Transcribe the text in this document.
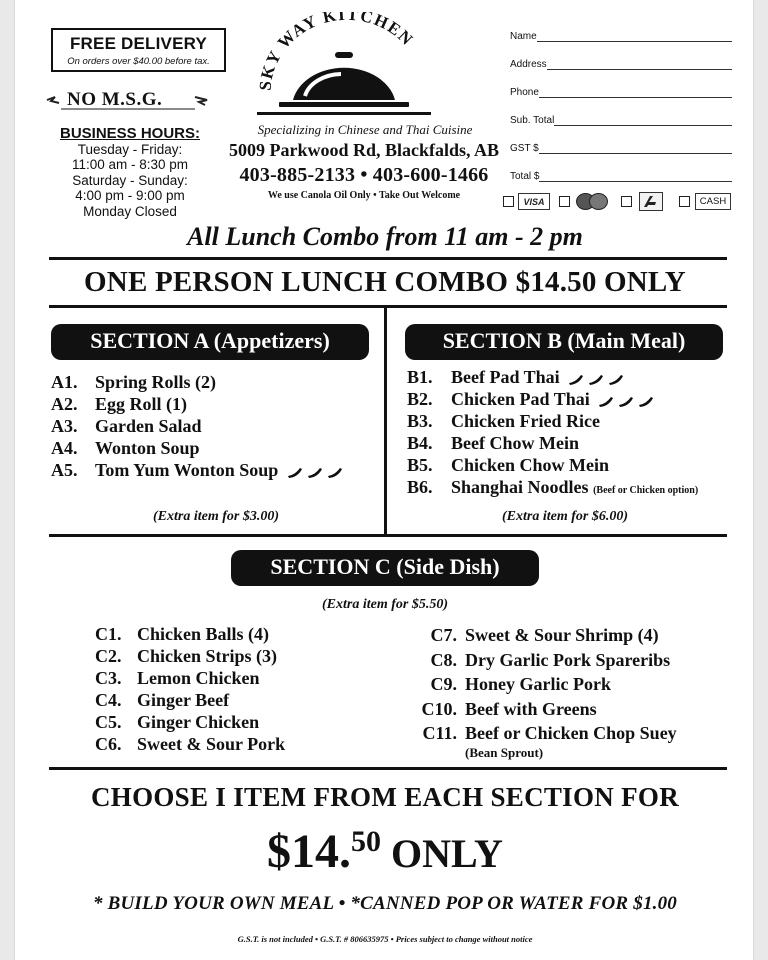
FREE DELIVERY
On orders over $40.00 before tax.
NO M.S.G.
BUSINESS HOURS:
Tuesday - Friday:
11:00 am - 8:30 pm
Saturday - Sunday:
4:00 pm - 9:00 pm
Monday Closed
SKY WAY KITCHEN
Specializing in Chinese and Thai Cuisine
5009 Parkwood Rd, Blackfalds, AB
403-885-2133 • 403-600-1466
We use Canola Oil Only • Take Out Welcome
Name
Address
Phone
Sub. Total
GST $
Total $
VISA	CASH
All Lunch Combo from 11 am - 2 pm
ONE PERSON LUNCH COMBO $14.50 ONLY
SECTION A (Appetizers)
A1. Spring Rolls (2)
A2. Egg Roll (1)
A3. Garden Salad
A4. Wonton Soup
A5. Tom Yum Wonton Soup
(Extra item for $3.00)
SECTION B (Main Meal)
B1. Beef Pad Thai
B2. Chicken Pad Thai
B3. Chicken Fried Rice
B4. Beef Chow Mein
B5. Chicken Chow Mein
B6. Shanghai Noodles (Beef or Chicken option)
(Extra item for $6.00)
SECTION C (Side Dish)
(Extra item for $5.50)
C1. Chicken Balls (4)
C2. Chicken Strips (3)
C3. Lemon Chicken
C4. Ginger Beef
C5. Ginger Chicken
C6. Sweet & Sour Pork
C7. Sweet & Sour Shrimp (4)
C8. Dry Garlic Pork Spareribs
C9. Honey Garlic Pork
C10. Beef with Greens
C11. Beef or Chicken Chop Suey
(Bean Sprout)
CHOOSE I ITEM FROM EACH SECTION FOR
$14.50 ONLY
* BUILD YOUR OWN MEAL • *CANNED POP OR WATER FOR $1.00
G.S.T. is not included • G.S.T. # 806635975 • Prices subject to change without notice
